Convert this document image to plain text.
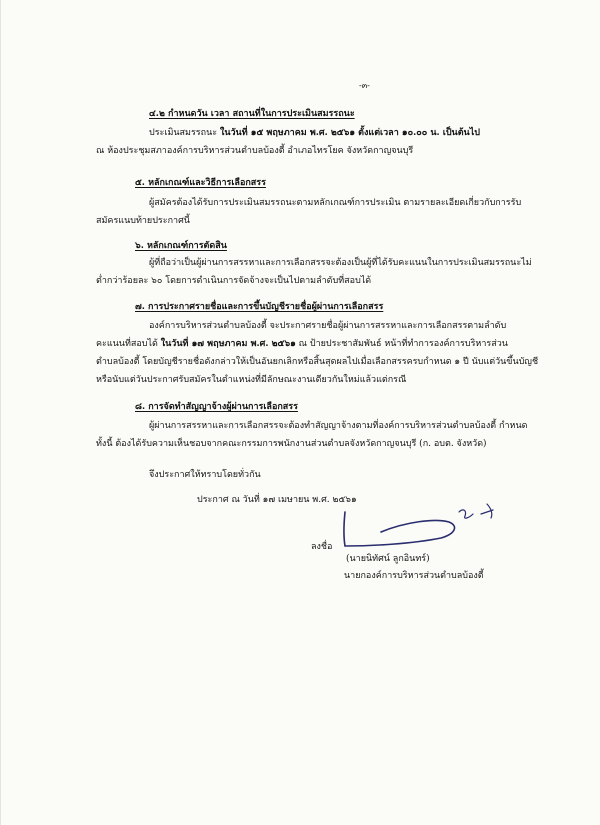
-๓-
๔.๒ กำหนดวัน เวลา สถานที่ในการประเมินสมรรถนะ
ประเมินสมรรถนะ ในวันที่ ๑๕ พฤษภาคม พ.ศ. ๒๕๖๑ ตั้งแต่เวลา ๑๐.๐๐ น. เป็นต้นไป
ณ ห้องประชุมสภาองค์การบริหารส่วนตำบลบ้องตี้ อำเภอไทรโยค จังหวัดกาญจนบุรี
๕. หลักเกณฑ์และวิธีการเลือกสรร
ผู้สมัครต้องได้รับการประเมินสมรรถนะตามหลักเกณฑ์การประเมิน ตามรายละเอียดเกี่ยวกับการรับ
สมัครแนบท้ายประกาศนี้
๖. หลักเกณฑ์การตัดสิน
ผู้ที่ถือว่าเป็นผู้ผ่านการสรรหาและการเลือกสรรจะต้องเป็นผู้ที่ได้รับคะแนนในการประเมินสมรรถนะไม่
ต่ำกว่าร้อยละ ๖๐ โดยการดำเนินการจัดจ้างจะเป็นไปตามลำดับที่สอบได้
๗. การประกาศรายชื่อและการขึ้นบัญชีรายชื่อผู้ผ่านการเลือกสรร
องค์การบริหารส่วนตำบลบ้องตี้ จะประกาศรายชื่อผู้ผ่านการสรรหาและการเลือกสรรตามลำดับ
คะแนนที่สอบได้ ในวันที่ ๑๗ พฤษภาคม พ.ศ. ๒๕๖๑ ณ ป้ายประชาสัมพันธ์ หน้าที่ทำการองค์การบริหารส่วน
ตำบลบ้องตี้ โดยบัญชีรายชื่อดังกล่าวให้เป็นอันยกเลิกหรือสิ้นสุดผลไปเมื่อเลือกสรรครบกำหนด ๑ ปี นับแต่วันขึ้นบัญชี
หรือนับแต่วันประกาศรับสมัครในตำแหน่งที่มีลักษณะงานเดียวกันใหม่แล้วแต่กรณี
๘. การจัดทำสัญญาจ้างผู้ผ่านการเลือกสรร
ผู้ผ่านการสรรหาและการเลือกสรรจะต้องทำสัญญาจ้างตามที่องค์การบริหารส่วนตำบลบ้องตี้ กำหนด
ทั้งนี้ ต้องได้รับความเห็นชอบจากคณะกรรมการพนักงานส่วนตำบลจังหวัดกาญจนบุรี (ก. อบต. จังหวัด)
จึงประกาศให้ทราบโดยทั่วกัน
ประกาศ ณ วันที่ ๑๗ เมษายน พ.ศ. ๒๕๖๑
ลงชื่อ
(นายนิทัศน์ ลูกอินทร์)
นายกองค์การบริหารส่วนตำบลบ้องตี้
